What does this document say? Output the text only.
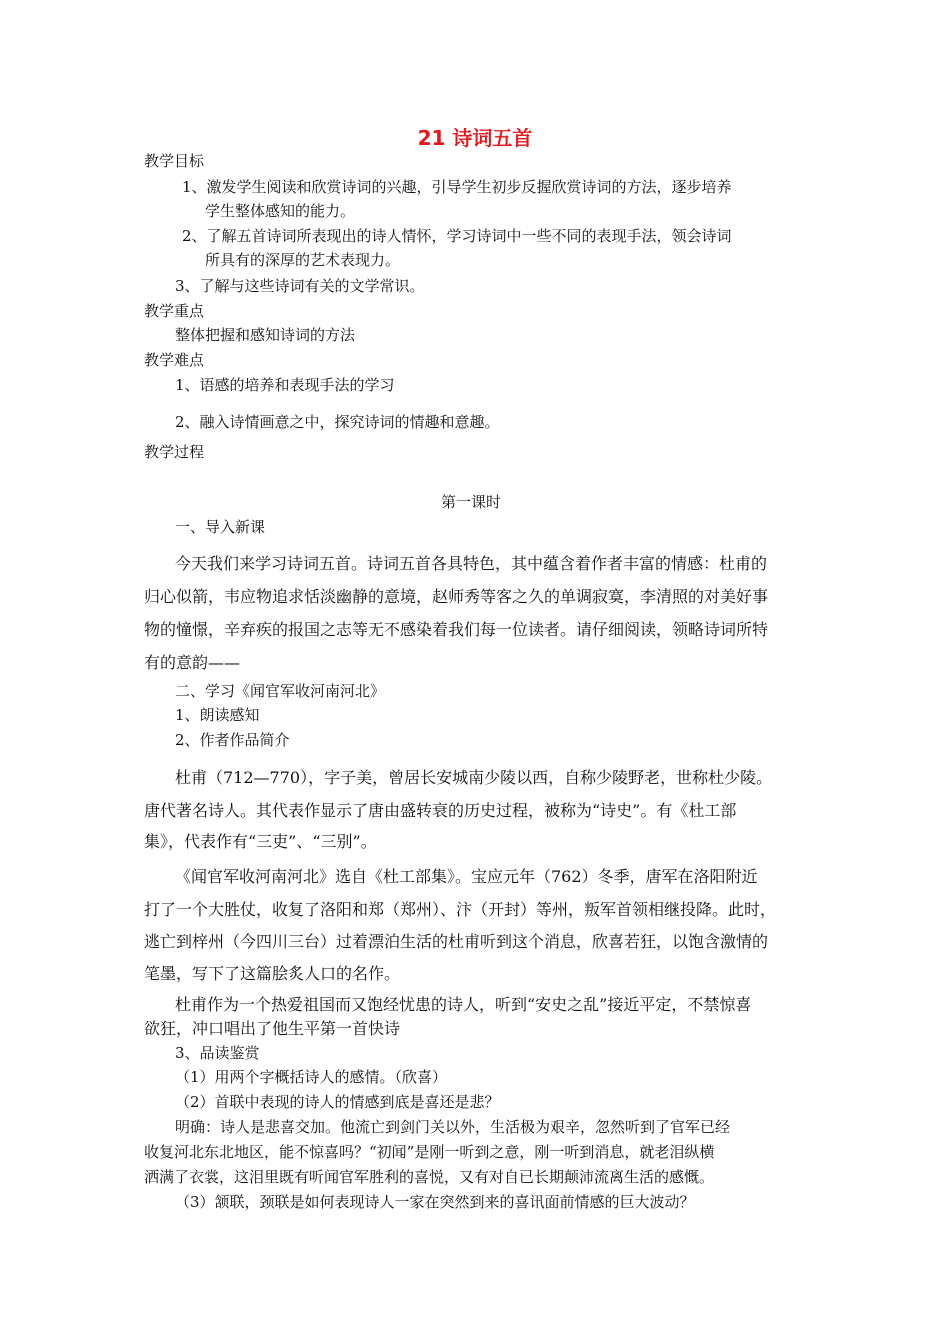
21 诗词五首

教学目标

1、激发学生阅读和欣赏诗词的兴趣，引导学生初步反握欣赏诗词的方法，逐步培养

学生整体感知的能力。

2、了解五首诗词所表现出的诗人情怀，学习诗词中一些不同的表现手法，领会诗词

所具有的深厚的艺术表现力。

3、了解与这些诗词有关的文学常识。

教学重点

整体把握和感知诗词的方法

教学难点

1、语感的培养和表现手法的学习

2、融入诗情画意之中，探究诗词的情趣和意趣。

教学过程

第一课时

一、导入新课

今天我们来学习诗词五首。诗词五首各具特色，其中蕴含着作者丰富的情感：杜甫的

归心似箭，韦应物追求恬淡幽静的意境，赵师秀等客之久的单调寂寞，李清照的对美好事

物的憧憬，辛弃疾的报国之志等无不感染着我们每一位读者。请仔细阅读，领略诗词所特

有的意韵——

二、学习《闻官军收河南河北》

1、朗读感知

2、作者作品简介

杜甫（712—770），字子美，曾居长安城南少陵以西，自称少陵野老，世称杜少陵。

唐代著名诗人。其代表作显示了唐由盛转衰的历史过程，被称为“诗史”。有《杜工部

集》，代表作有“三吏”、“三别”。

《闻官军收河南河北》选自《杜工部集》。宝应元年（762）冬季，唐军在洛阳附近

打了一个大胜仗，收复了洛阳和郑（郑州）、汴（开封）等州，叛军首领相继投降。此时，

逃亡到梓州（今四川三台）过着漂泊生活的杜甫听到这个消息，欣喜若狂，以饱含激情的

笔墨，写下了这篇脍炙人口的名作。

杜甫作为一个热爱祖国而又饱经忧患的诗人，听到“安史之乱”接近平定，不禁惊喜

欲狂，冲口唱出了他生平第一首快诗

3、品读鉴赏

（1）用两个字概括诗人的感情。（欣喜）

（2）首联中表现的诗人的情感到底是喜还是悲？

明确：诗人是悲喜交加。他流亡到剑门关以外，生活极为艰辛，忽然听到了官军已经

收复河北东北地区，能不惊喜吗？“初闻”是刚一听到之意，刚一听到消息，就老泪纵横

洒满了衣裳，这泪里既有听闻官军胜利的喜悦，又有对自已长期颠沛流离生活的感慨。

（3）颔联，颈联是如何表现诗人一家在突然到来的喜讯面前情感的巨大波动？
